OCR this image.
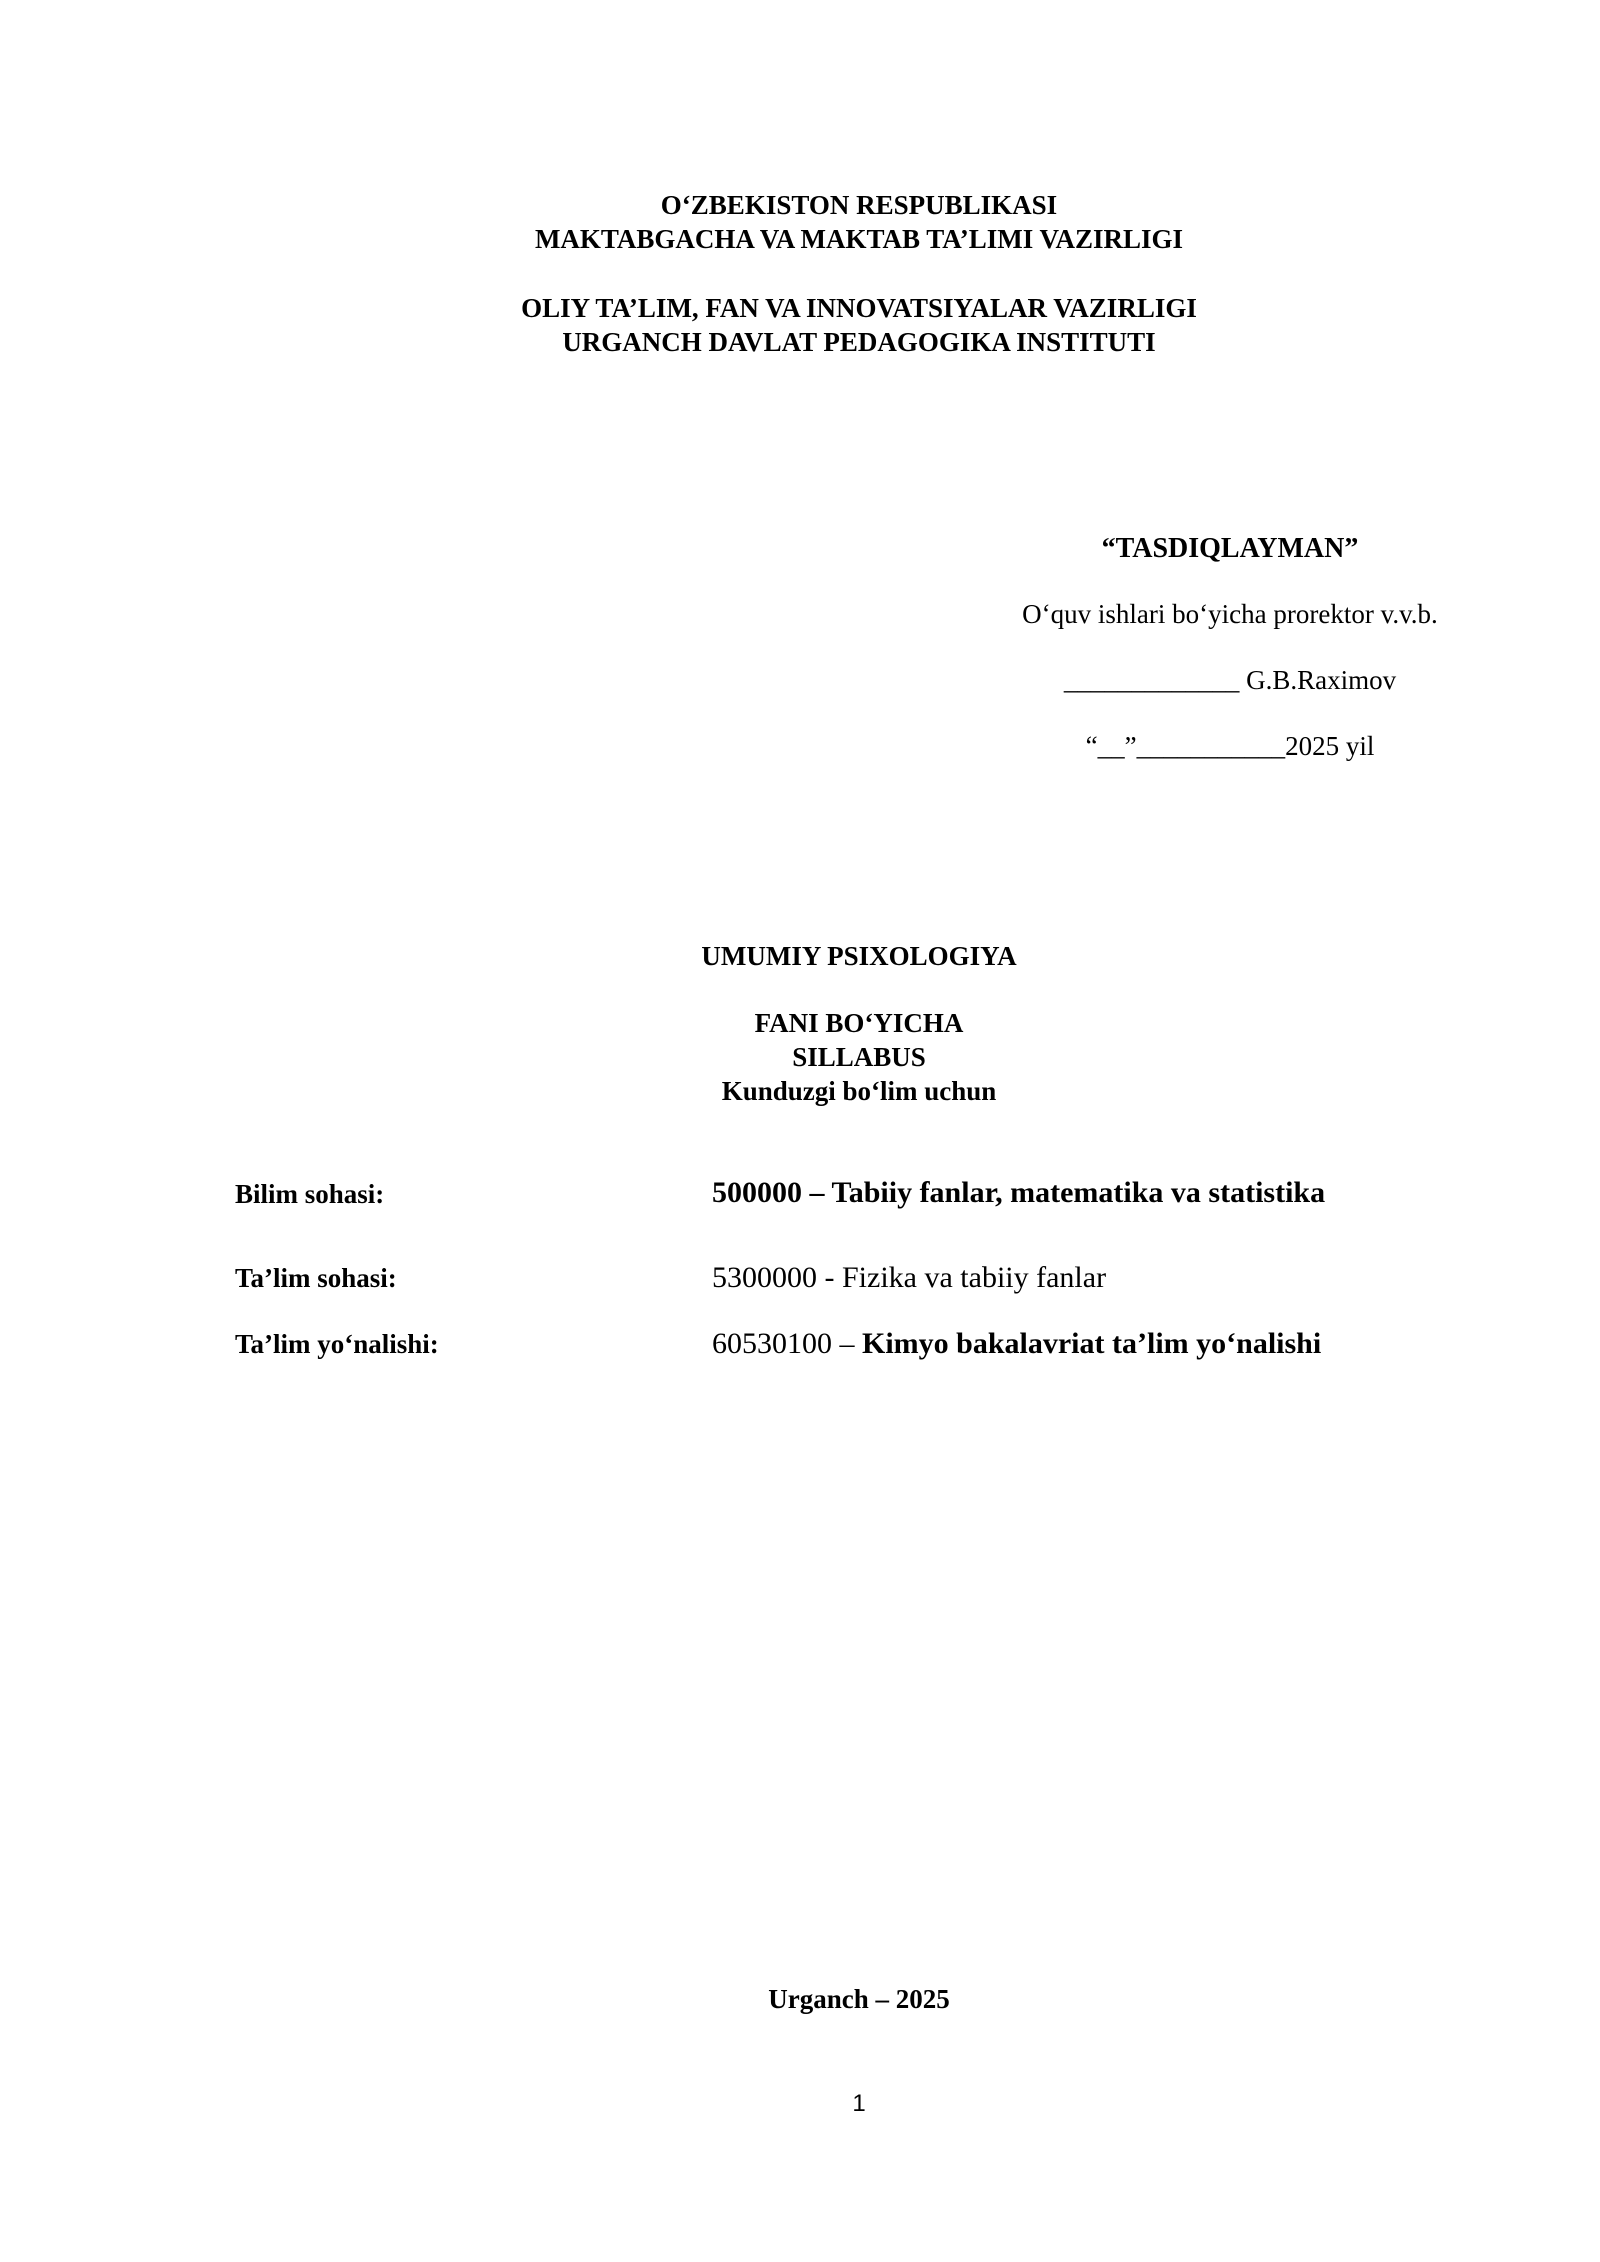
O‘ZBEKISTON RESPUBLIKASI
MAKTABGACHA VA MAKTAB TA’LIMI VAZIRLIGI
OLIY TA’LIM, FAN VA INNOVATSIYALAR VAZIRLIGI
URGANCH DAVLAT PEDAGOGIKA INSTITUTI
“TASDIQLAYMAN”
O‘quv ishlari bo‘yicha prorektor v.v.b.
_____________ G.B.Raximov
“__”___________2025 yil
UMUMIY PSIXOLOGIYA
FANI BO‘YICHA
SILLABUS
Kunduzgi bo‘lim uchun
Bilim sohasi:	500000 – Tabiiy fanlar, matematika va statistika
Ta’lim sohasi:	5300000 - Fizika va tabiiy fanlar
Ta’lim yo‘nalishi:	60530100 – Kimyo bakalavriat ta’lim yo‘nalishi
Urganch – 2025
1
